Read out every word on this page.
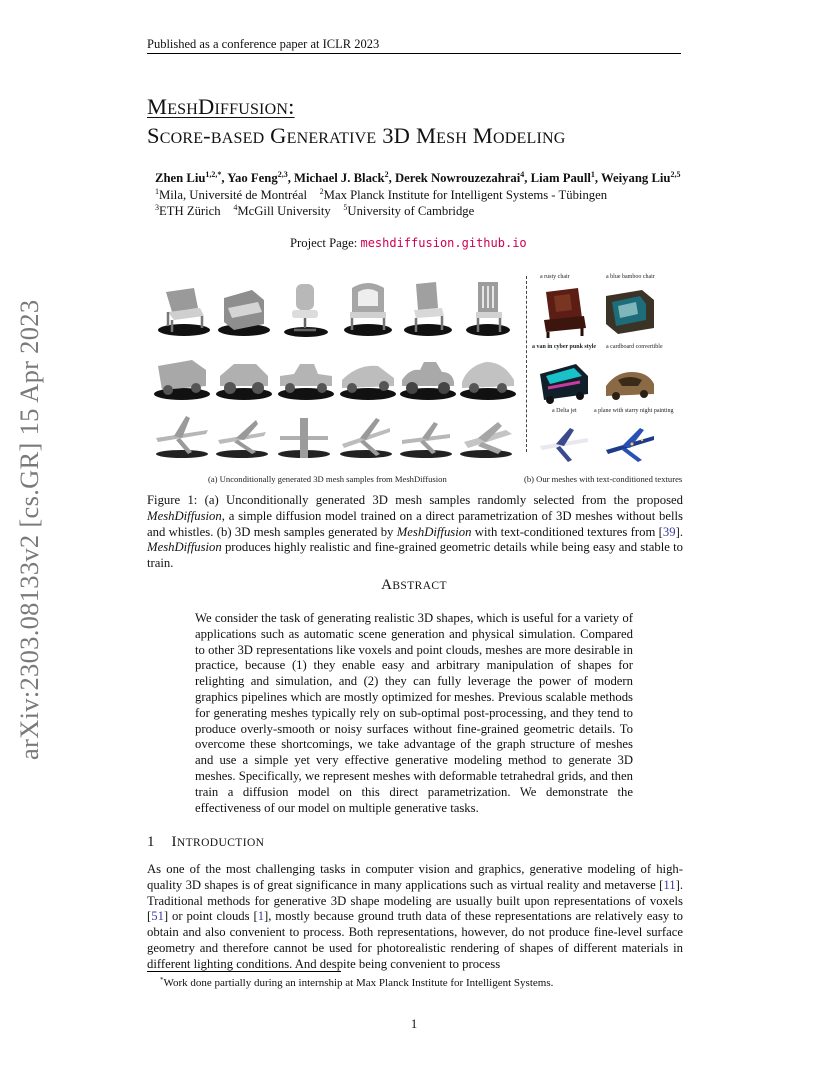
Published as a conference paper at ICLR 2023
arXiv:2303.08133v2 [cs.GR] 15 Apr 2023
MeshDiffusion:
Score-based Generative 3D Mesh Modeling
Zhen Liu$^{1,2,*}$, Yao Feng$^{2,3}$, Michael J. Black$^2$, Derek Nowrouzezahrai$^4$, Liam Paull$^1$, Weiyang Liu$^{2,5}$
$^1$Mila, Université de Montréal $^2$Max Planck Institute for Intelligent Systems - Tübingen
$^3$ETH Zürich $^4$McGill University $^5$University of Cambridge
Project Page: meshdiffusion.github.io
a rusty chair	a blue bamboo chair
a van in cyber punk style a cardboard convertible
a Delta jet	a plane with starry night painting
(a) Unconditionally generated 3D mesh samples from MeshDiffusion	(b) Our meshes with text-conditioned textures
Figure 1: (a) Unconditionally generated 3D mesh samples randomly selected from the proposed MeshDiffusion, a simple diffusion model trained on a direct parametrization of 3D meshes without bells and whistles. (b) 3D mesh samples generated by MeshDiffusion with text-conditioned textures from [39]. MeshDiffusion produces highly realistic and fine-grained geometric details while being easy and stable to train.
ABSTRACT
We consider the task of generating realistic 3D shapes, which is useful for a variety of applications such as automatic scene generation and physical simulation. Compared to other 3D representations like voxels and point clouds, meshes are more desirable in practice, because (1) they enable easy and arbitrary manipulation of shapes for relighting and simulation, and (2) they can fully leverage the power of modern graphics pipelines which are mostly optimized for meshes. Previous scalable methods for generating meshes typically rely on sub-optimal post-processing, and they tend to produce overly-smooth or noisy surfaces without fine-grained geometric details. To overcome these shortcomings, we take advantage of the graph structure of meshes and use a simple yet very effective generative modeling method to generate 3D meshes. Specifically, we represent meshes with deformable tetrahedral grids, and then train a diffusion model on this direct parametrization. We demonstrate the effectiveness of our model on multiple generative tasks.
1    INTRODUCTION
As one of the most challenging tasks in computer vision and graphics, generative modeling of high-quality 3D shapes is of great significance in many applications such as virtual reality and metaverse [11]. Traditional methods for generative 3D shape modeling are usually built upon representations of voxels [51] or point clouds [1], mostly because ground truth data of these representations are relatively easy to obtain and also convenient to process. Both representations, however, do not produce fine-level surface geometry and therefore cannot be used for photorealistic rendering of shapes of different materials in different lighting conditions. And despite being convenient to process
*Work done partially during an internship at Max Planck Institute for Intelligent Systems.
1
